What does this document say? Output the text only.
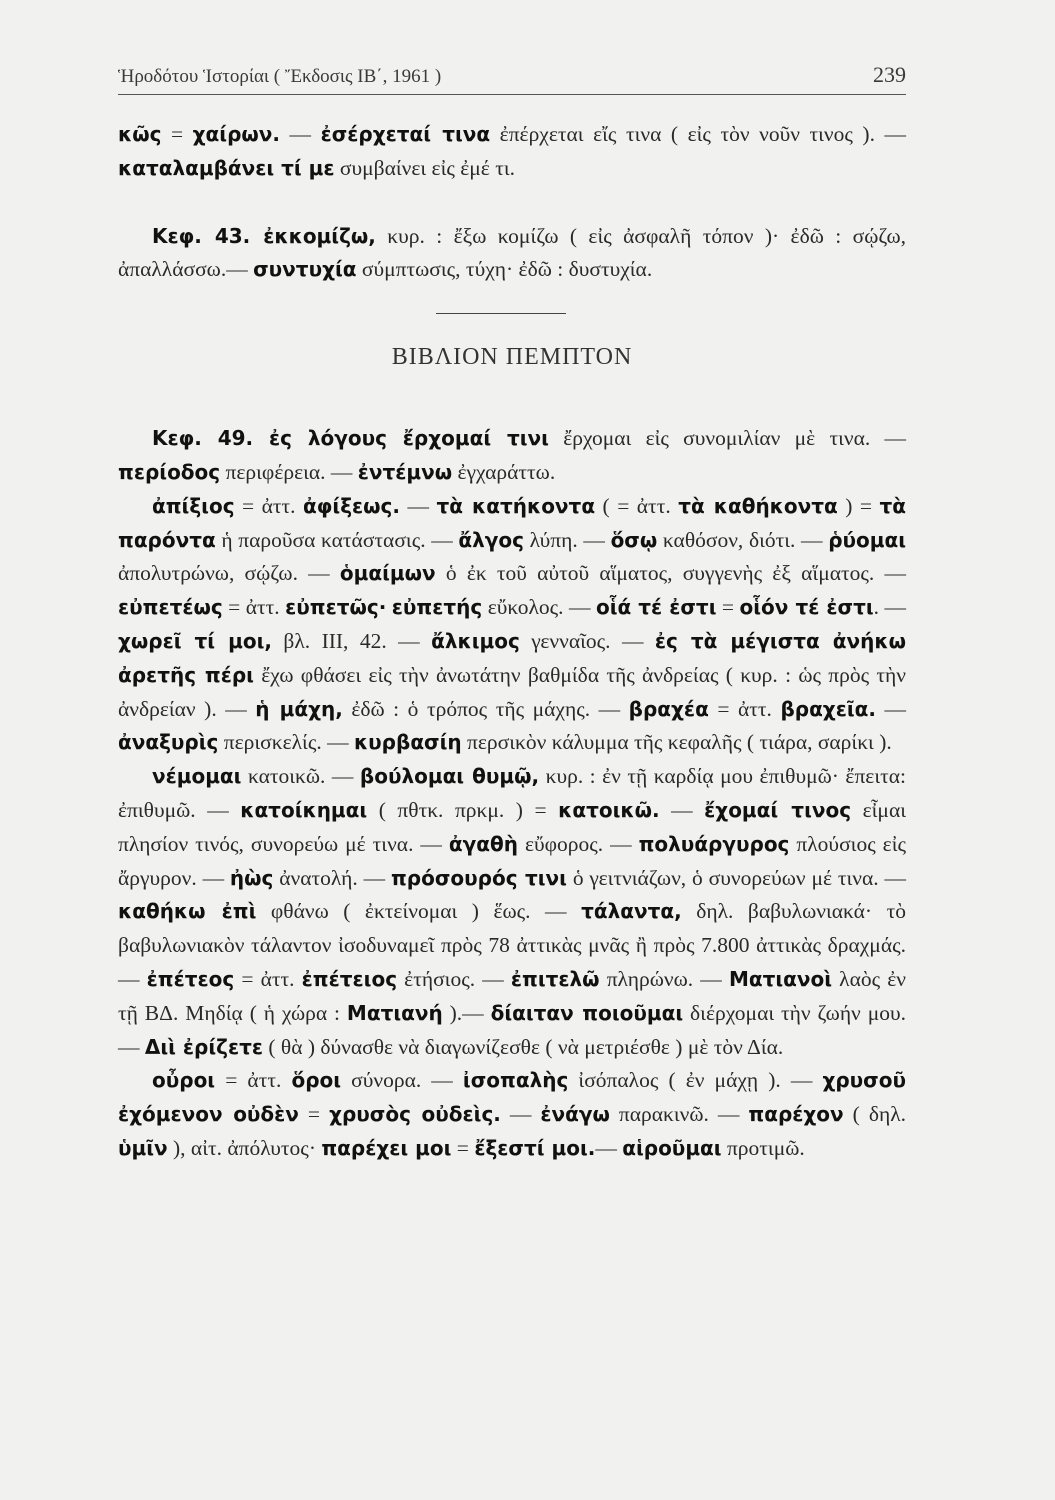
Ἡροδότου Ἱστορίαι ( Ἔκδοσις ΙΒ΄, 1961 )	239

κῶς = χαίρων. — ἐσέρχεταί τινα ἐπέρχεται εἴς τινα ( εἰς τὸν νοῦν τινος ). — καταλαμβάνει τί με συμβαίνει εἰς ἐμέ τι.

Κεφ. 43. ἐκκομίζω, κυρ. : ἔξω κομίζω ( εἰς ἀσφαλῆ τόπον )· ἐδῶ : σῴζω, ἀπαλλάσσω.— συντυχία σύμπτωσις, τύχη· ἐδῶ : δυστυχία.

ΒΙΒΛΙΟΝ ΠΕΜΠΤΟΝ

Κεφ. 49. ἐς λόγους ἔρχομαί τινι ἔρχομαι εἰς συνομιλίαν μὲ τινα. — περίοδος περιφέρεια. — ἐντέμνω ἐγχαράττω.

ἀπίξιος = ἀττ. ἀφίξεως. — τὰ κατήκοντα ( = ἀττ. τὰ καθήκοντα ) = τὰ παρόντα ἡ παροῦσα κατάστασις. — ἄλγος λύπη. — ὅσῳ καθόσον, διότι. — ῥύομαι ἀπολυτρώνω, σῴζω. — ὁμαίμων ὁ ἐκ τοῦ αὐτοῦ αἵματος, συγγενὴς ἐξ αἵματος. — εὐπετέως = ἀττ. εὐπετῶς· εὐπετής εὔκολος. — οἷά τέ ἐστι = οἷόν τέ ἐστι. — χωρεῖ τί μοι, βλ. ΙΙΙ, 42. — ἄλκιμος γενναῖος. — ἐς τὰ μέγιστα ἀνήκω ἀρετῆς πέρι ἔχω φθάσει εἰς τὴν ἀνωτάτην βαθμίδα τῆς ἀνδρείας ( κυρ. : ὡς πρὸς τὴν ἀνδρείαν ). — ἡ μάχη, ἐδῶ : ὁ τρόπος τῆς μάχης. — βραχέα = ἀττ. βραχεῖα. — ἀναξυρὶς περισκελίς. — κυρβασίη περσικὸν κάλυμμα τῆς κεφαλῆς ( τιάρα, σαρίκι ).

νέμομαι κατοικῶ. — βούλομαι θυμῷ, κυρ. : ἐν τῇ καρδίᾳ μου ἐπιθυμῶ· ἔπειτα: ἐπιθυμῶ. — κατοίκημαι ( πθτκ. πρκμ. ) = κατοικῶ. — ἔχομαί τινος εἶμαι πλησίον τινός, συνορεύω μέ τινα. — ἀγαθὴ εὔφορος. — πολυάργυρος πλούσιος εἰς ἄργυρον. — ἠὼς ἀνατολή. — πρόσουρός τινι ὁ γειτνιάζων, ὁ συνορεύων μέ τινα. — καθήκω ἐπὶ φθάνω ( ἐκτείνομαι ) ἕως. — τάλαντα, δηλ. βαβυλωνιακά· τὸ βαβυλωνιακὸν τάλαντον ἰσοδυναμεῖ πρὸς 78 ἀττικὰς μνᾶς ἢ πρὸς 7.800 ἀττικὰς δραχμάς. — ἐπέτεος = ἀττ. ἐπέτειος ἐτήσιος. — ἐπιτελῶ πληρώνω. — Ματιανοὶ λαὸς ἐν τῇ ΒΔ. Μηδίᾳ ( ἡ χώρα : Ματιανή ).— δίαιταν ποιοῦμαι διέρχομαι τὴν ζωήν μου. — Διὶ ἐρίζετε ( θὰ ) δύνασθε νὰ διαγωνίζεσθε ( νὰ μετριέσθε ) μὲ τὸν Δία.

οὖροι = ἀττ. ὅροι σύνορα. — ἰσοπαλὴς ἰσόπαλος ( ἐν μάχῃ ). — χρυσοῦ ἐχόμενον οὐδὲν = χρυσὸς οὐδεὶς. — ἐνάγω παρακινῶ. — παρέχον ( δηλ. ὑμῖν ), αἰτ. ἀπόλυτος· παρέχει μοι = ἔξεστί μοι.— αἱροῦμαι προτιμῶ.
